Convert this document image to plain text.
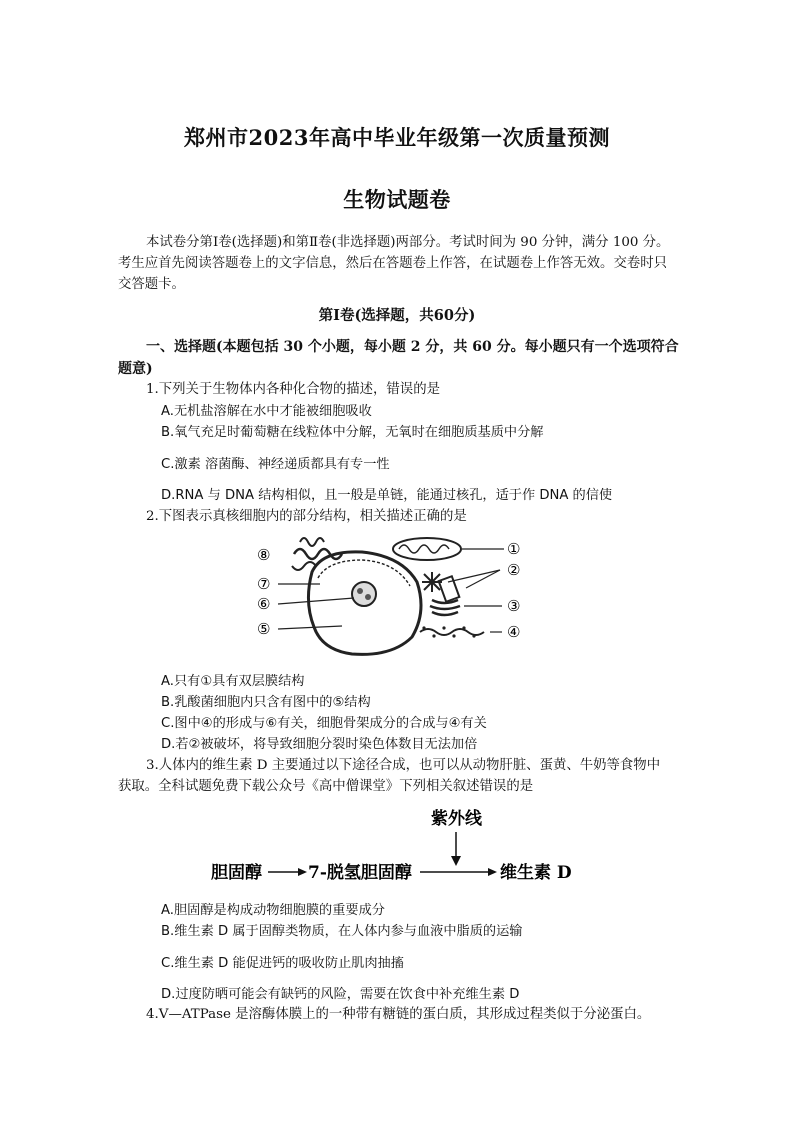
郑州市2023年高中毕业年级第一次质量预测
生物试题卷
本试卷分第Ⅰ卷(选择题)和第Ⅱ卷(非选择题)两部分。考试时间为 90 分钟，满分 100 分。考生应首先阅读答题卷上的文字信息，然后在答题卷上作答，在试题卷上作答无效。交卷时只交答题卡。
第Ⅰ卷(选择题，共60分)
一、选择题(本题包括 30 个小题，每小题 2 分，共 60 分。每小题只有一个选项符合题意)
1.下列关于生物体内各种化合物的描述，错误的是
A.无机盐溶解在水中才能被细胞吸收
B.氧气充足时葡萄糖在线粒体中分解，无氧时在细胞质基质中分解
C.激素 溶菌酶、神经递质都具有专一性
D.RNA 与 DNA 结构相似，且一般是单链，能通过核孔，适于作 DNA 的信使
2.下图表示真核细胞内的部分结构，相关描述正确的是
⑧
⑦
⑥
⑤
①
②
③
④
A.只有①具有双层膜结构
B.乳酸菌细胞内只含有图中的⑤结构
C.图中④的形成与⑥有关，细胞骨架成分的合成与④有关
D.若②被破坏，将导致细胞分裂时染色体数目无法加倍
3.人体内的维生素 D 主要通过以下途径合成，也可以从动物肝脏、蛋黄、牛奶等食物中
获取。全科试题免费下载公众号《高中僧课堂》下列相关叙述错误的是
紫外线
胆固醇	7-脱氢胆固醇	维生素 D
A.胆固醇是构成动物细胞膜的重要成分
B.维生素 D 属于固醇类物质，在人体内参与血液中脂质的运输
C.维生素 D 能促进钙的吸收防止肌肉抽搐
D.过度防晒可能会有缺钙的风险，需要在饮食中补充维生素 D
4.V—ATPase 是溶酶体膜上的一种带有糖链的蛋白质，其形成过程类似于分泌蛋白。
